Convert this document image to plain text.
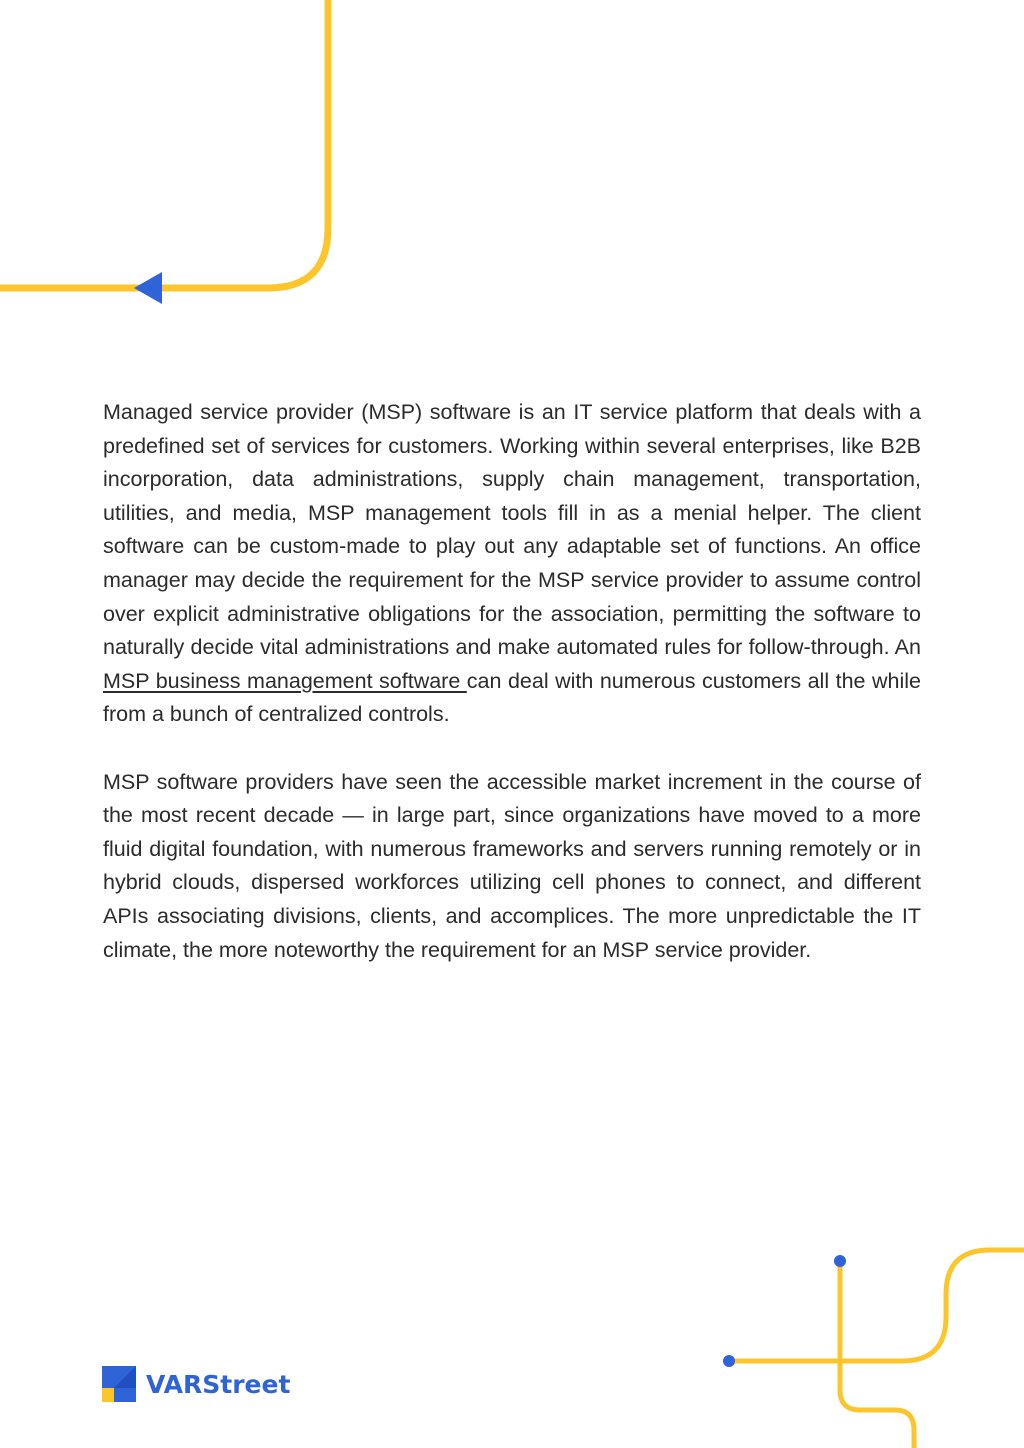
Managed service provider (MSP) software is an IT service platform that deals with a predefined set of services for customers. Working within several enterprises, like B2B incorporation, data administrations, supply chain management, transportation, utilities, and media, MSP management tools fill in as a menial helper. The client software can be custom-made to play out any adaptable set of functions. An office manager may decide the requirement for the MSP service provider to assume control over explicit administrative obligations for the association, permitting the software to naturally decide vital administrations and make automated rules for follow-through. An MSP business management software can deal with numerous customers all the while from a bunch of centralized controls.

MSP software providers have seen the accessible market increment in the course of the most recent decade — in large part, since organizations have moved to a more fluid digital foundation, with numerous frameworks and servers running remotely or in hybrid clouds, dispersed workforces utilizing cell phones to connect, and different APIs associating divisions, clients, and accomplices. The more unpredictable the IT climate, the more noteworthy the requirement for an MSP service provider.

VARStreet
